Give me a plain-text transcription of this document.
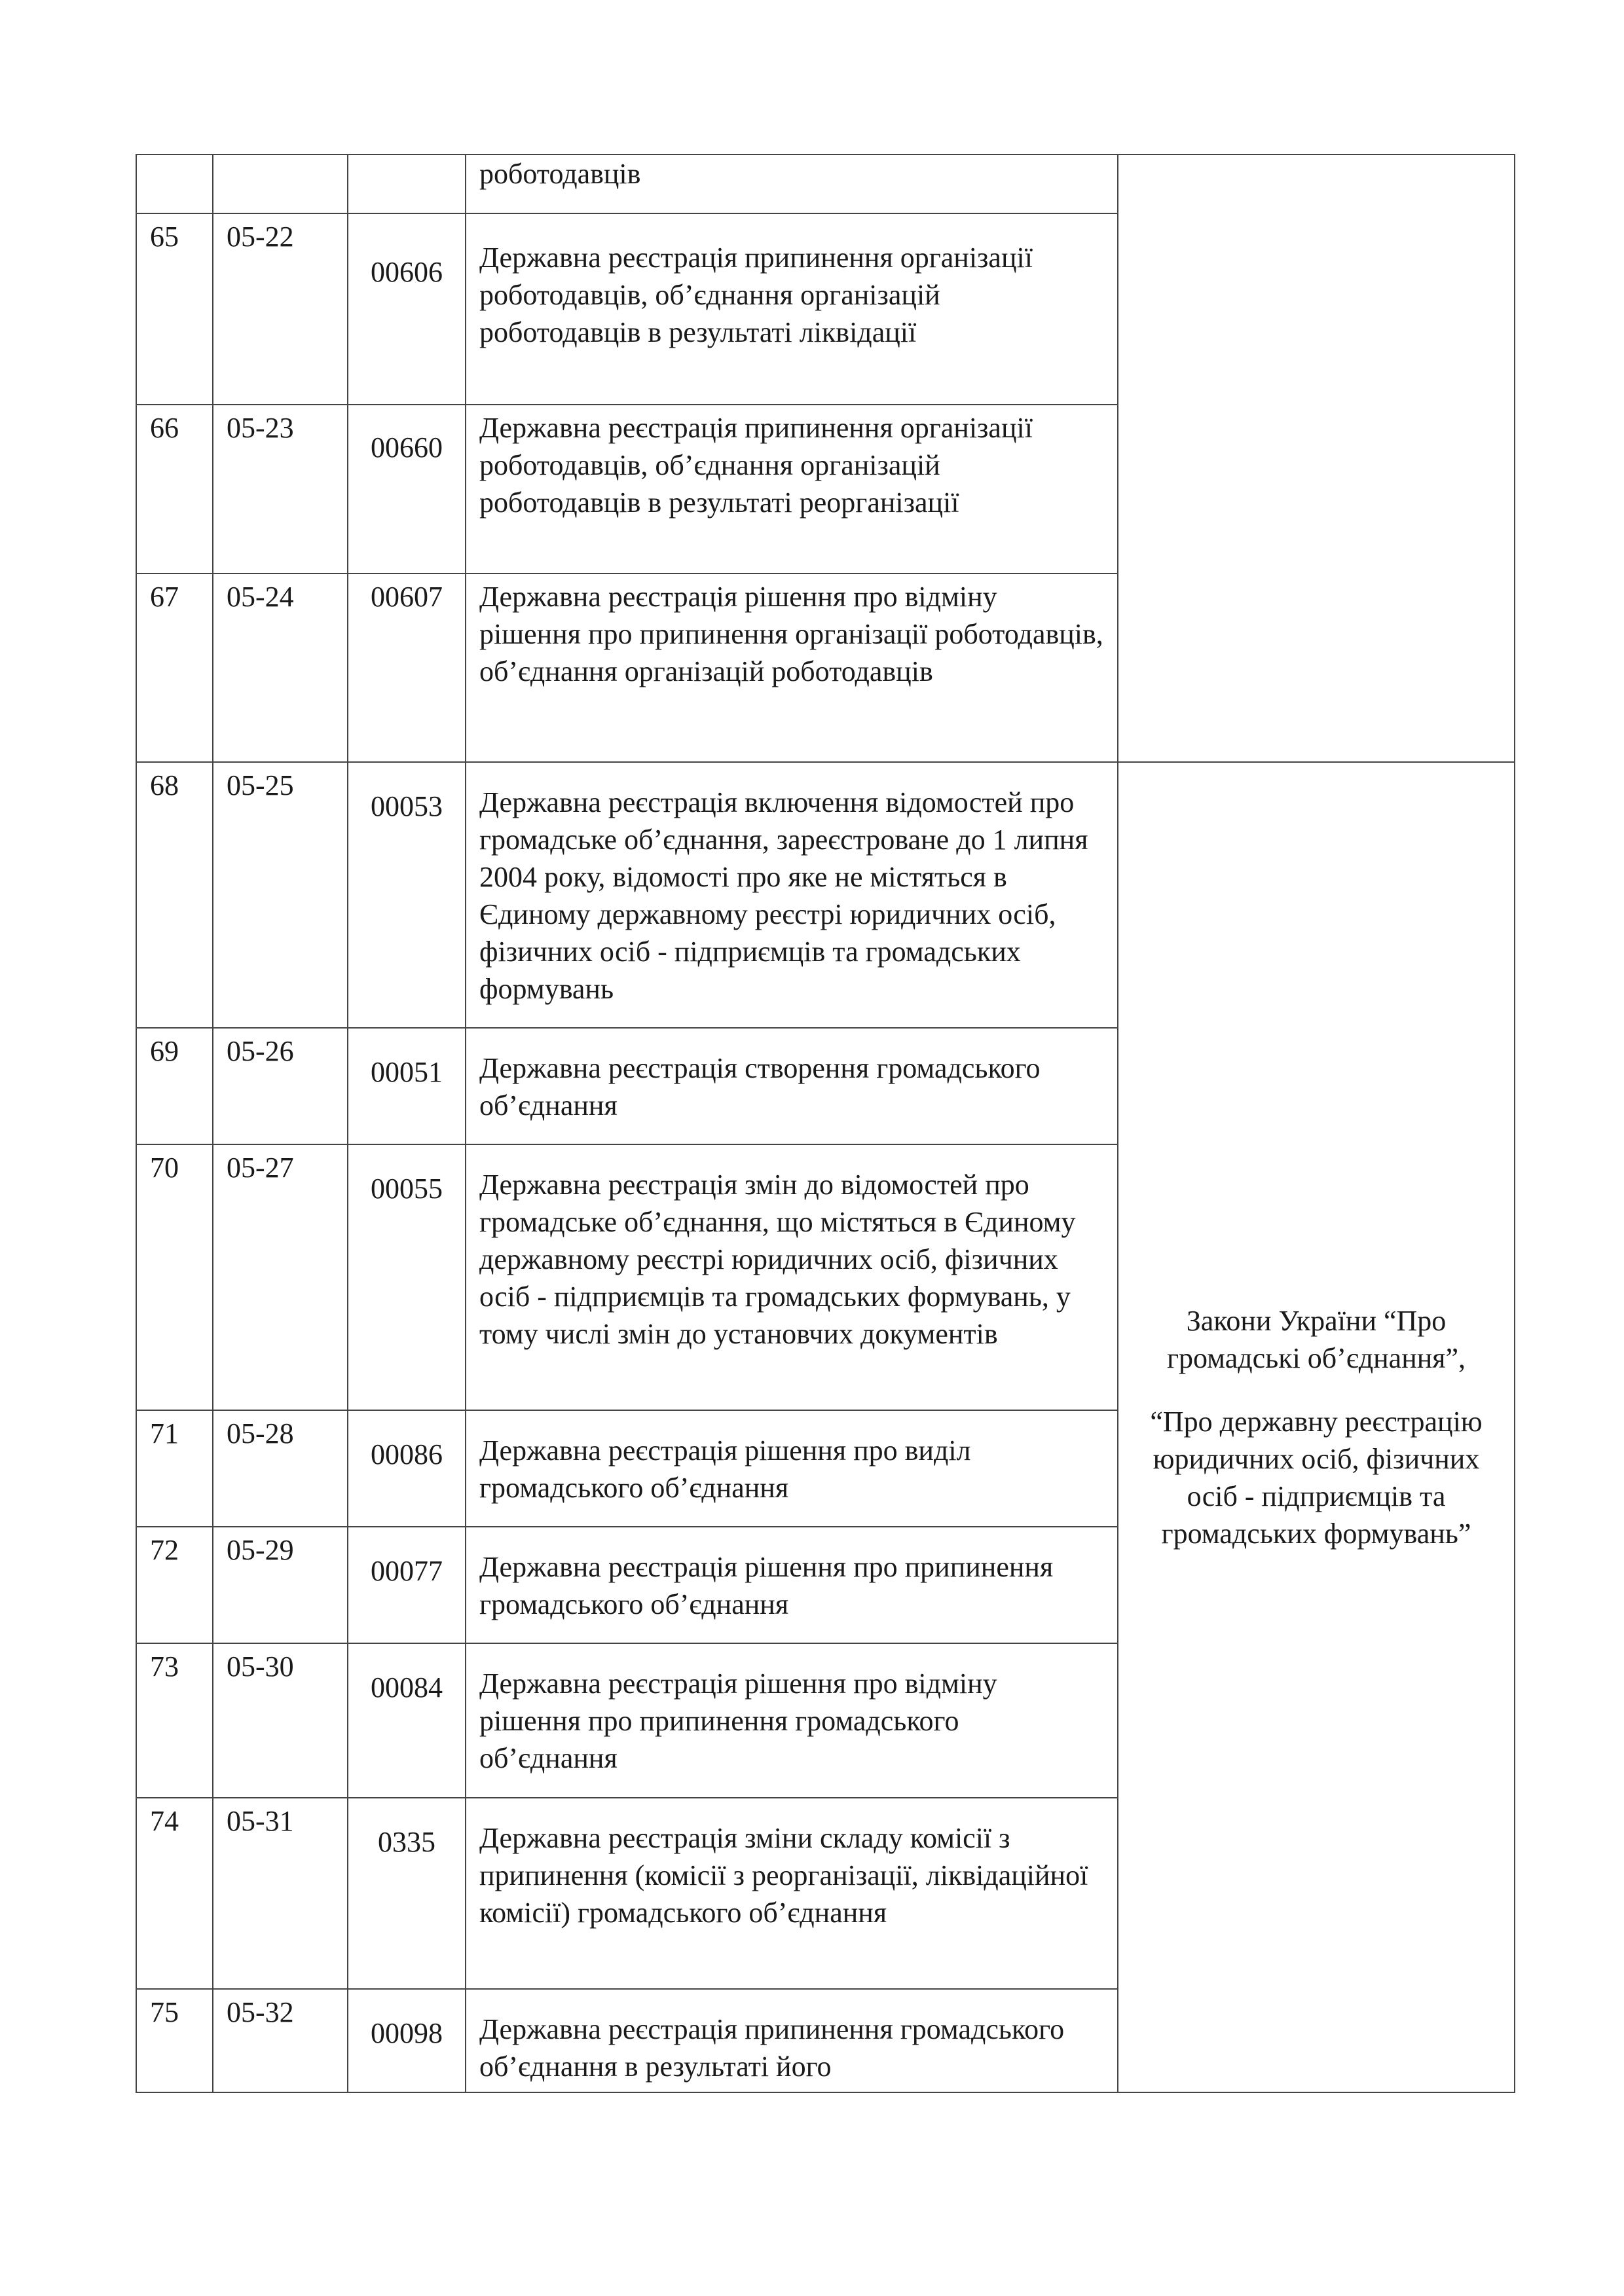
			роботодавців	
65	05-22	00606	Державна реєстрація припинення організації роботодавців, об’єднання організацій роботодавців в результаті ліквідації	
66	05-23	00660	Державна реєстрація припинення організації роботодавців, об’єднання організацій роботодавців в результаті реорганізації	
67	05-24	00607	Державна реєстрація рішення про відміну рішення про припинення організації роботодавців, об’єднання організацій роботодавців	
68	05-25	00053	Державна реєстрація включення відомостей про громадське об’єднання, зареєстроване до 1 липня 2004 року, відомості про яке не містяться в Єдиному державному реєстрі юридичних осіб, фізичних осіб - підприємців та громадських формувань	Закони України “Про громадські об’єднання”,

“Про державну реєстрацію юридичних осіб, фізичних осіб - підприємців та громадських формувань”

69	05-26	00051	Державна реєстрація створення громадського об’єднання	
70	05-27	00055	Державна реєстрація змін до відомостей про громадське об’єднання, що містяться в Єдиному державному реєстрі юридичних осіб, фізичних осіб - підприємців та громадських формувань, у тому числі змін до установчих документів	
71	05-28	00086	Державна реєстрація рішення про виділ громадського об’єднання	
72	05-29	00077	Державна реєстрація рішення про припинення громадського об’єднання	
73	05-30	00084	Державна реєстрація рішення про відміну рішення про припинення громадського об’єднання	
74	05-31	0335	Державна реєстрація зміни складу комісії з припинення (комісії з реорганізації, ліквідаційної комісії) громадського об’єднання	
75	05-32	00098	Державна реєстрація припинення громадського об’єднання в результаті його	
